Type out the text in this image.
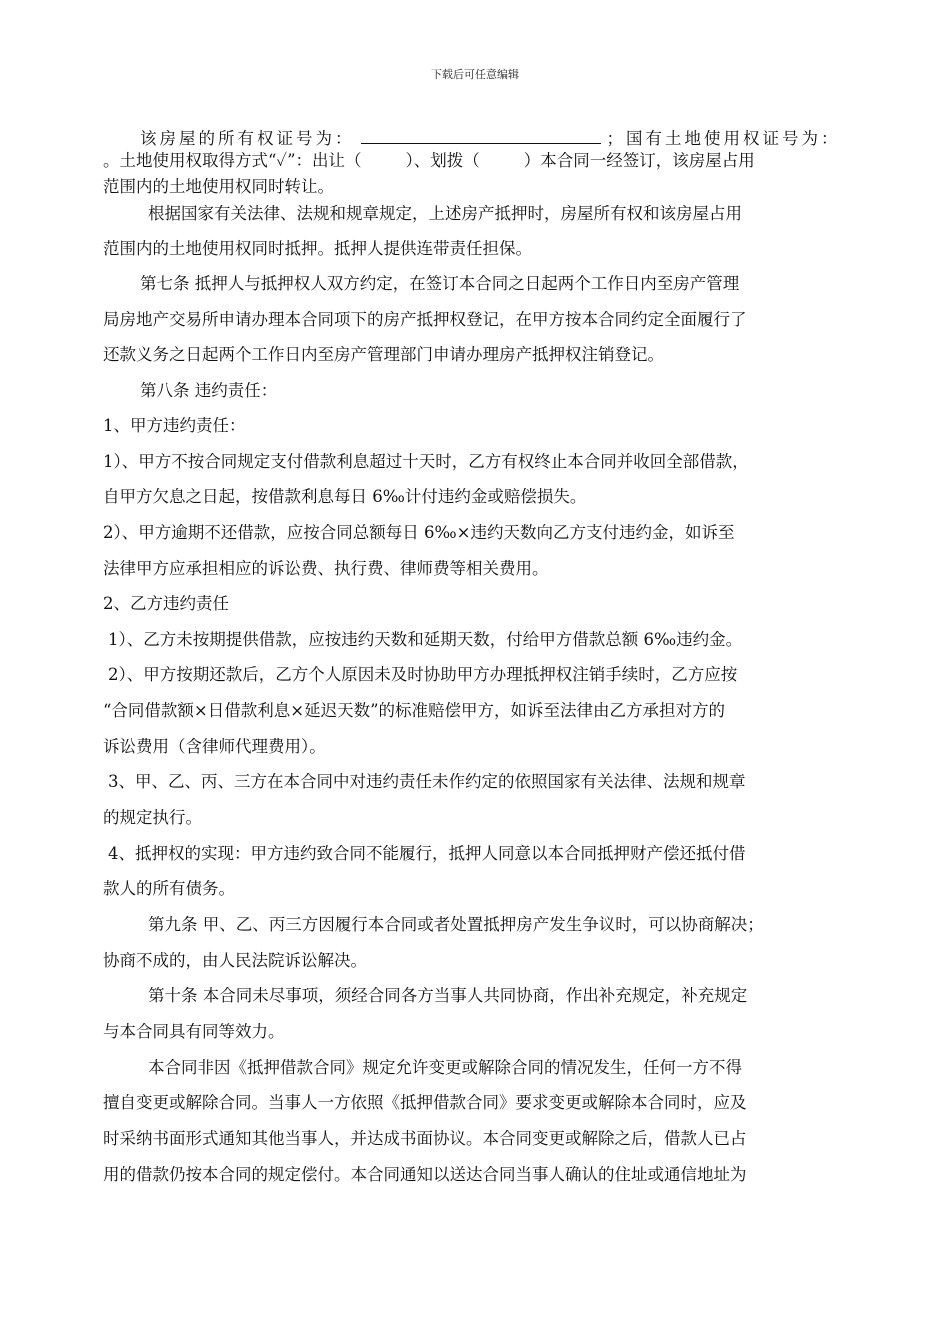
下载后可任意编辑
该房屋的所有权证号为：	；国有土地使用权证号为：
。土地使用权取得方式“✓”：出让（	）、划拨（	）本合同一经签订，该房屋占用
范围内的土地使用权同时转让。
根据国家有关法律、法规和规章规定，上述房产抵押时，房屋所有权和该房屋占用
范围内的土地使用权同时抵押。抵押人提供连带责任担保。
第七条 抵押人与抵押权人双方约定，在签订本合同之日起两个工作日内至房产管理
局房地产交易所申请办理本合同项下的房产抵押权登记，在甲方按本合同约定全面履行了
还款义务之日起两个工作日内至房产管理部门申请办理房产抵押权注销登记。
第八条 违约责任：
1、甲方违约责任：
1）、甲方不按合同规定支付借款利息超过十天时，乙方有权终止本合同并收回全部借款，
自甲方欠息之日起，按借款利息每日 6‰计付违约金或赔偿损失。
2）、甲方逾期不还借款，应按合同总额每日 6‰×违约天数向乙方支付违约金，如诉至
法律甲方应承担相应的诉讼费、执行费、律师费等相关费用。
2、乙方违约责任
1）、乙方未按期提供借款，应按违约天数和延期天数，付给甲方借款总额 6‰违约金。
2）、甲方按期还款后，乙方个人原因未及时协助甲方办理抵押权注销手续时，乙方应按
“合同借款额×日借款利息×延迟天数”的标准赔偿甲方，如诉至法律由乙方承担对方的
诉讼费用（含律师代理费用）。
3、甲、乙、丙、三方在本合同中对违约责任未作约定的依照国家有关法律、法规和规章
的规定执行。
4、抵押权的实现：甲方违约致合同不能履行，抵押人同意以本合同抵押财产偿还抵付借
款人的所有债务。
第九条 甲、乙、丙三方因履行本合同或者处置抵押房产发生争议时，可以协商解决；
协商不成的，由人民法院诉讼解决。
第十条 本合同未尽事项，须经合同各方当事人共同协商，作出补充规定，补充规定
与本合同具有同等效力。
本合同非因《抵押借款合同》规定允许变更或解除合同的情况发生，任何一方不得
擅自变更或解除合同。当事人一方依照《抵押借款合同》要求变更或解除本合同时，应及
时采纳书面形式通知其他当事人，并达成书面协议。本合同变更或解除之后，借款人已占
用的借款仍按本合同的规定偿付。本合同通知以送达合同当事人确认的住址或通信地址为
